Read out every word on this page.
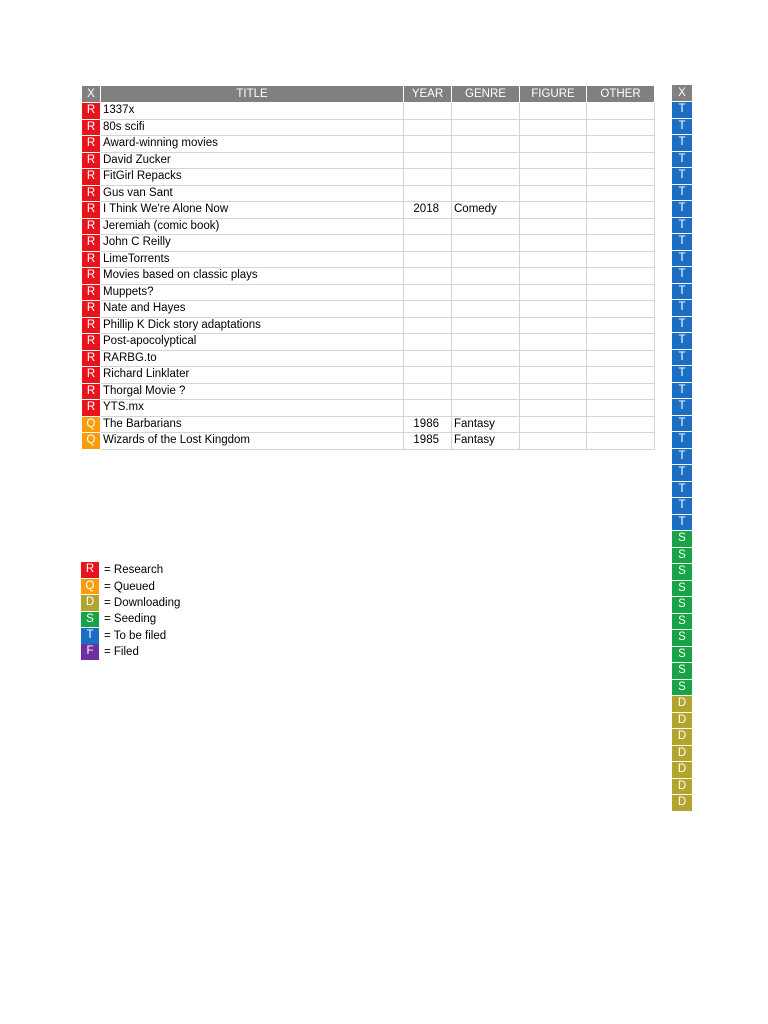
X	TITLE	YEAR	GENRE	FIGURE	OTHER
R	1337x				
R	80s scifi				
R	Award-winning movies				
R	David Zucker				
R	FitGirl Repacks				
R	Gus van Sant				
R	I Think We're Alone Now	2018	Comedy		
R	Jeremiah (comic book)				
R	John C Reilly				
R	LimeTorrents				
R	Movies based on classic plays				
R	Muppets?				
R	Nate and Hayes				
R	Phillip K Dick story adaptations				
R	Post-apocolyptical				
R	RARBG.to				
R	Richard Linklater				
R	Thorgal Movie ?				
R	YTS.mx				
Q	The Barbarians	1986	Fantasy		
Q	Wizards of the Lost Kingdom	1985	Fantasy		
X
T
T
T
T
T
T
T
T
T
T
T
T
T
T
T
T
T
T
T
T
T
T
T
T
T
T
S
S
S
S
S
S
S
S
S
S
D
D
D
D
D
D
D
R = Research
Q = Queued
D = Downloading
S = Seeding
T = To be filed
F = Filed
